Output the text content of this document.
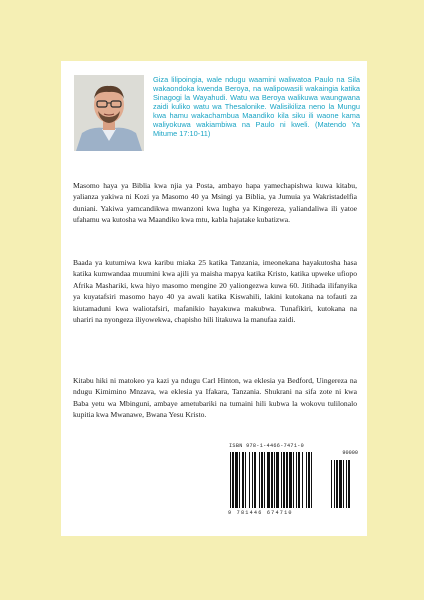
Giza lilipoingia, wale ndugu waamini waliwatoa Paulo na Sila wakaondoka kwenda Beroya, na walipowasili wakaingia katika Sinagogi la Wayahudi. Watu wa Beroya walikuwa waungwana zaidi kuliko watu wa Thesalonike. Walisikiliza neno la Mungu kwa hamu wakachambua Maandiko kila siku ili waone kama waliyokuwa wakiambiwa na Paulo ni kweli. (Matendo Ya Mitume 17:10-11)

Masomo haya ya Biblia kwa njia ya Posta, ambayo hapa yamechapishwa kuwa kitabu, yalianza yakiwa ni Kozi ya Masomo 40 ya Msingi ya Biblia, ya Jumuia ya Wakristadelfia duniani. Yakiwa yamcandikwa mwanzoni kwa lugha ya Kingereza, yaliandaliwa ili yatoe ufahamu wa kutosha wa Maandiko kwa mtu, kabla hajatake kubatizwa.

Baada ya kutumiwa kwa karibu miaka 25 katika Tanzania, imeonekana hayakutosha hasa katika kumwandaa muumini kwa ajili ya maisha mapya katika Kristo, katika upweke ufiopo Afrika Mashariki, kwa hiyo masomo mengine 20 yaliongezwa kuwa 60. Jitihada ilifanyika ya kuyatafsiri masomo hayo 40 ya awali katika Kiswahili, lakini kutokana na tofauti za kiutamaduni kwa waliotafsiri, mafanikio hayakuwa makubwa. Tunafikiri, kutokana na uhariri na nyongeza iliyowekwa, chapisho hili litakuwa la manufaa zaidi.

Kitabu hiki ni matokeo ya kazi ya ndugu Carl Hinton, wa eklesia ya Bedford, Uingereza na ndugu Kimimino Mnzava, wa eklesia ya Ifakara, Tanzania. Shukrani na sifa zote ni kwa Baba yetu wa Mbinguni, ambaye ametubariki na tumaini hili kubwa la wokovu tulilonalo kupitia kwa Mwanawe, Bwana Yesu Kristo.

ISBN 978-1-4466-7471-0
90000
9 781446 674710
